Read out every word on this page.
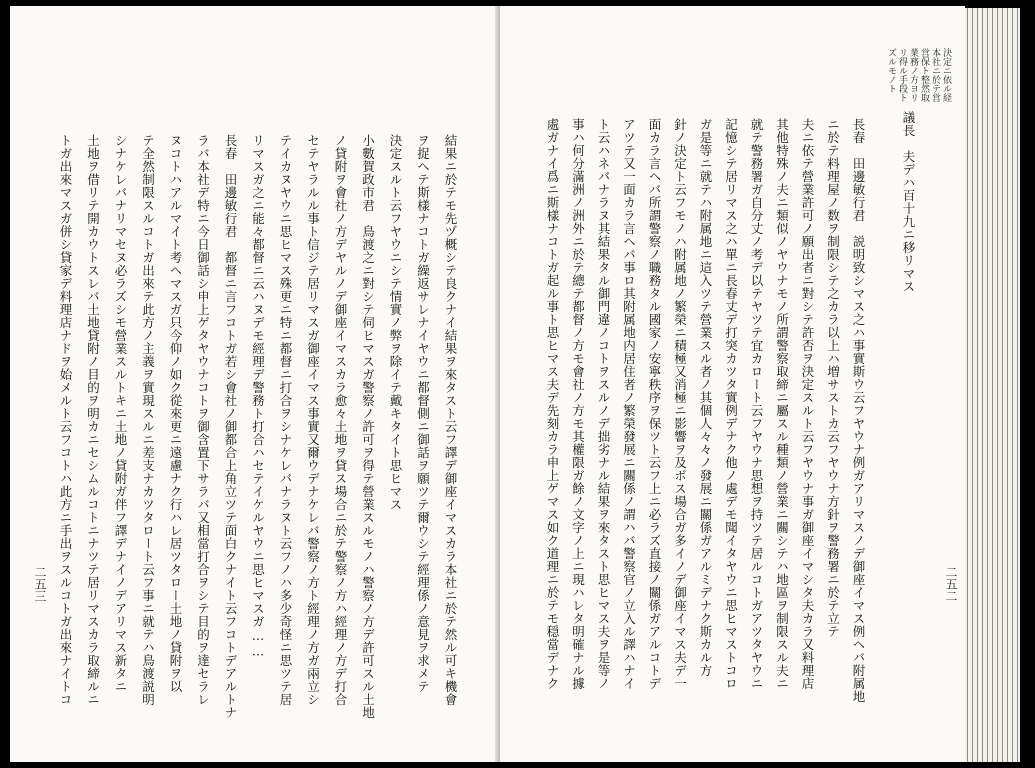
結果ニ於テモ先ヅ概シテ良クナイ結果ヲ來タスト云フ譯デ御座イマスカラ本社ニ於テ然ル可キ機會
ヲ捉ヘテ斯樣ナコトガ繰返サレナイヤウニ都督側ニ御話ヲ願ツテ爾ウシテ經理係ノ意見ヲ求メテ
決定スルト云フヤウニシテ情實ノ弊ヲ除イテ戴キタイト思ヒマス
小數賀政市君　鳥渡之ニ對シテ伺ヒマスガ警察ノ許可ヲ得テ營業スルモノハ警察ノ方デ許可スル土地
ノ貸附ヲ會社ノ方デヤルノデ御座イマスカラ愈々土地ヲ貸ス場合ニ於テ警察ノ方ハ經理ノ方デ打合
セテヤラルル事ト信ジテ居リマスガ御座イマス事實又爾ウデナケレバ警察ノ方ト經理ノ方ガ兩立シ
テイカヌヤウニ思ヒマス殊更ニ特ニ都督ニ打合ヲシナケレバナラヌト云フノハ多少奇怪ニ思ツテ居
リマスガ之ニ能々都督ニ云ハヌデモ經理デ警務ト打合ハセテイケルヤウニ思ヒマスガ……
長春　田邊敏行君　都督ニ言フコトガ若シ會社ノ御都合上角立ツテ面白クナイト云フコトデアルトナ
ラバ本社デ特ニ今日御話シ申上ゲタヤウナコトヲ御含置下サラバ又相當打合ヲシテ目的ヲ達セラレ
ヌコトハアルマイト考ヘマスガ只今仰ノ如ク從來更ニ遠慮ナク行ハレ居ツタロー土地ノ貸附ヲ以
テ全然制限スルコトガ出來テ此方ノ主義ヲ實現スルニ差支ナカツタロート云フ事ニ就テハ鳥渡説明
シナケレバナリマセヌ必ラズシモ營業スルトキニ土地ノ貸附ガ伴フ譯デナイノデアリマス新タニ
土地ヲ借リテ開カウトスレバ土地貸附ノ目的ヲ明カニセシムルコトニナツテ居リマスカラ取締ルニ
トガ出來マスガ併シ貸家デ料理店ナドヲ始メルト云フコトハ此方ニ手出ヲスルコトガ出來ナイトコ
二五三
議長　夫デハ百十九ニ移リマス
長春　田邊敏行君　説明致シマス之ハ事實斯ウ云フヤウナ例ガアリマスノデ御座イマス例ヘバ附属地
ニ於テ料理屋ノ数ヲ制限シテ之カラ以上ハ増サストカ云フヤウナ方針ヲ警務署ニ於テ立テ
夫ニ依テ營業許可ノ願出者ニ對シテ許否ヲ決定スルト云フヤウナ事ガ御座イマシタ夫カラ又料理店
其他特殊ノ夫ニ類似ノヤウナモノ所謂警察取締ニ屬スル種類ノ營業ニ關シテハ地區ヲ制限スル夫ニ
就テ警務署ガ自分丈ノ考デ以テヤツテ宜カロート云フヤウナ思想ヲ持ツテ居ルコトガアツタヤウニ
記憶シテ居リマス之ハ單ニ長春丈デ打突カツタ實例デナク他ノ處デモ聞イタヤウニ思ヒマストコロ
ガ是等ニ就テハ附属地ニ這入ツテ營業スル者ノ其個人々々ノ發展ニ關係ガアルミデナク斯カル方
針ノ決定ト云フモノハ附属地ノ繁榮ニ積極又消極ニ影響ヲ及ボス場合ガ多イノデ御座イマス夫デ一
面カラ言ヘバ所謂警察ノ職務タル國家ノ安寧秩序ヲ保ツト云フ上ニ必ラズ直接ノ關係ガアルコトデ
アツテ又一面カラ言ヘバ事ロ其附属地内居住者ノ繁榮發展ニ關係ノ謂ハバ警察官ノ立入ル譯ハナイ
ト云ハネバナラヌ其結果タル御門違ノコトヲスルノデ拙劣ナル結果ヲ來タスト思ヒマス夫ヲ是等ノ
事ハ何分滿洲ノ洲外ニ於テ總テ都督ノ方モ會社ノ方モ其權限ガ餘ノ文字ノ上ニ現ハレタ明確ナル據
處ガナイ爲ニ斯樣ナコトガ起ル事ト思ヒマス夫デ先刻カラ申上ゲマス如ク道理ニ於テモ穏當デナク	二五二
決定ニ依ル経
本社ニ於テ営
営保ト整然取
業務ノ方ヨリ
リ得ル手段ト
ズルモノト
